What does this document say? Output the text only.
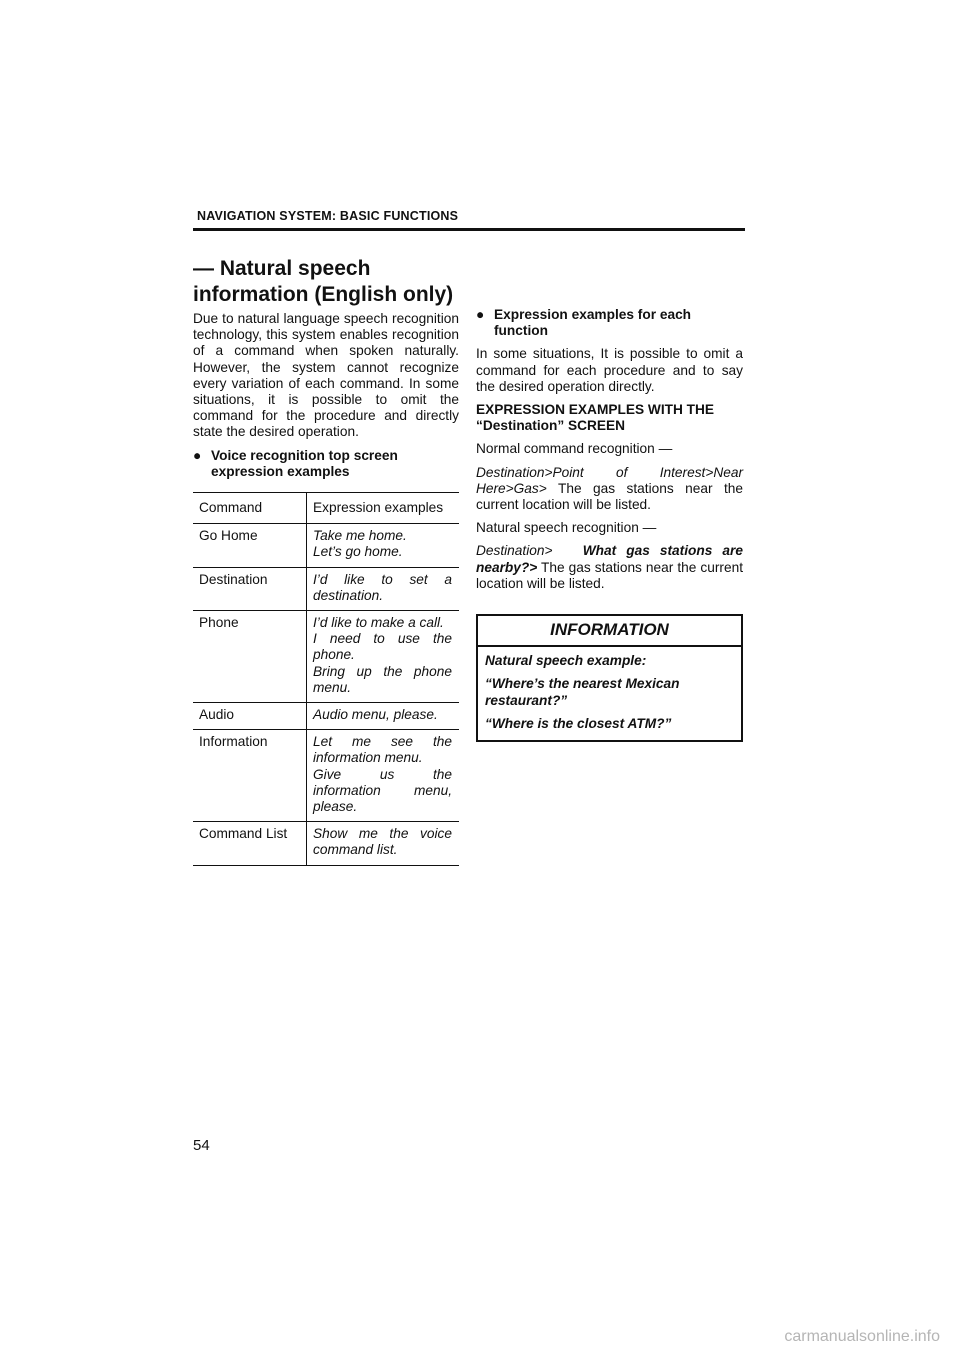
NAVIGATION SYSTEM: BASIC FUNCTIONS
— Natural speech
information (English only)

Due to natural language speech recognition technology, this system enables recognition of a command when spoken naturally. However, the system cannot recognize every variation of each command. In some situations, it is possible to omit the command for the procedure and directly state the desired operation.

● Voice recognition top screen expression examples
Command	Expression examples
Go Home	Take me home.
Let’s go home.

Destination	I’d like to set a destination.

Phone	I’d like to make a call.
I need to use the phone.
Bring up the phone menu.

Audio	Audio menu, please.

Information	Let me see the information menu.
Give us the information menu, please.

Command List	Show me the voice command list.
● Expression examples for each function

In some situations, It is possible to omit a command for each procedure and to say the desired operation directly.

EXPRESSION EXAMPLES WITH THE “Destination” SCREEN

Normal command recognition —

Destination>Point of Interest>Near Here>Gas> The gas stations near the current location will be listed.

Natural speech recognition —

Destination> What gas stations are nearby?> The gas stations near the current location will be listed.

INFORMATION

Natural speech example:

“Where’s the nearest Mexican restaurant?”

“Where is the closest ATM?”

54
carmanualsonline.info
